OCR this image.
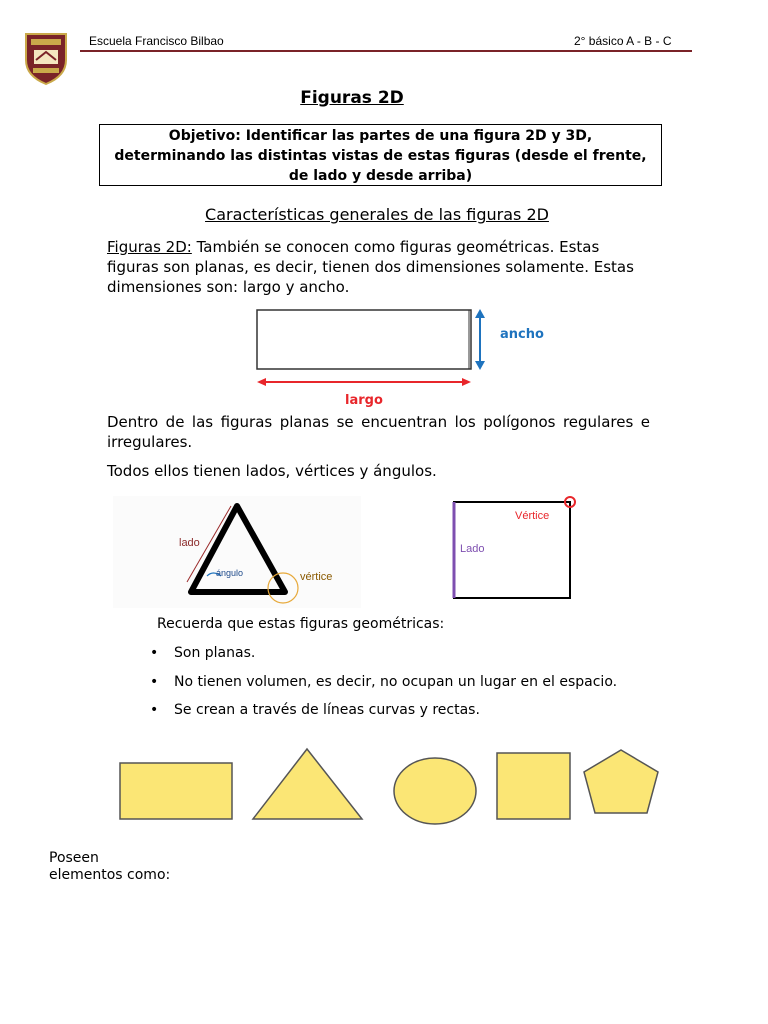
Escuela Francisco Bilbao	2° básico A - B - C
Figuras 2D
Objetivo: Identificar las partes de una figura 2D y 3D,
determinando las distintas vistas de estas figuras (desde el frente,
de lado y desde arriba)
Características generales de las figuras 2D
Figuras 2D: También se conocen como figuras geométricas. Estas figuras son planas, es decir, tienen dos dimensiones solamente. Estas dimensiones son: largo y ancho.
ancho
largo
Dentro de las figuras planas se encuentran los polígonos regulares e irregulares.
Todos ellos tienen lados, vértices y ángulos.
lado
ángulo	vértice
Vértice
Lado
Recuerda que estas figuras geométricas:
• Son planas.
• No tienen volumen, es decir, no ocupan un lugar en el espacio.
• Se crean a través de líneas curvas y rectas.
Poseen
elementos como:
